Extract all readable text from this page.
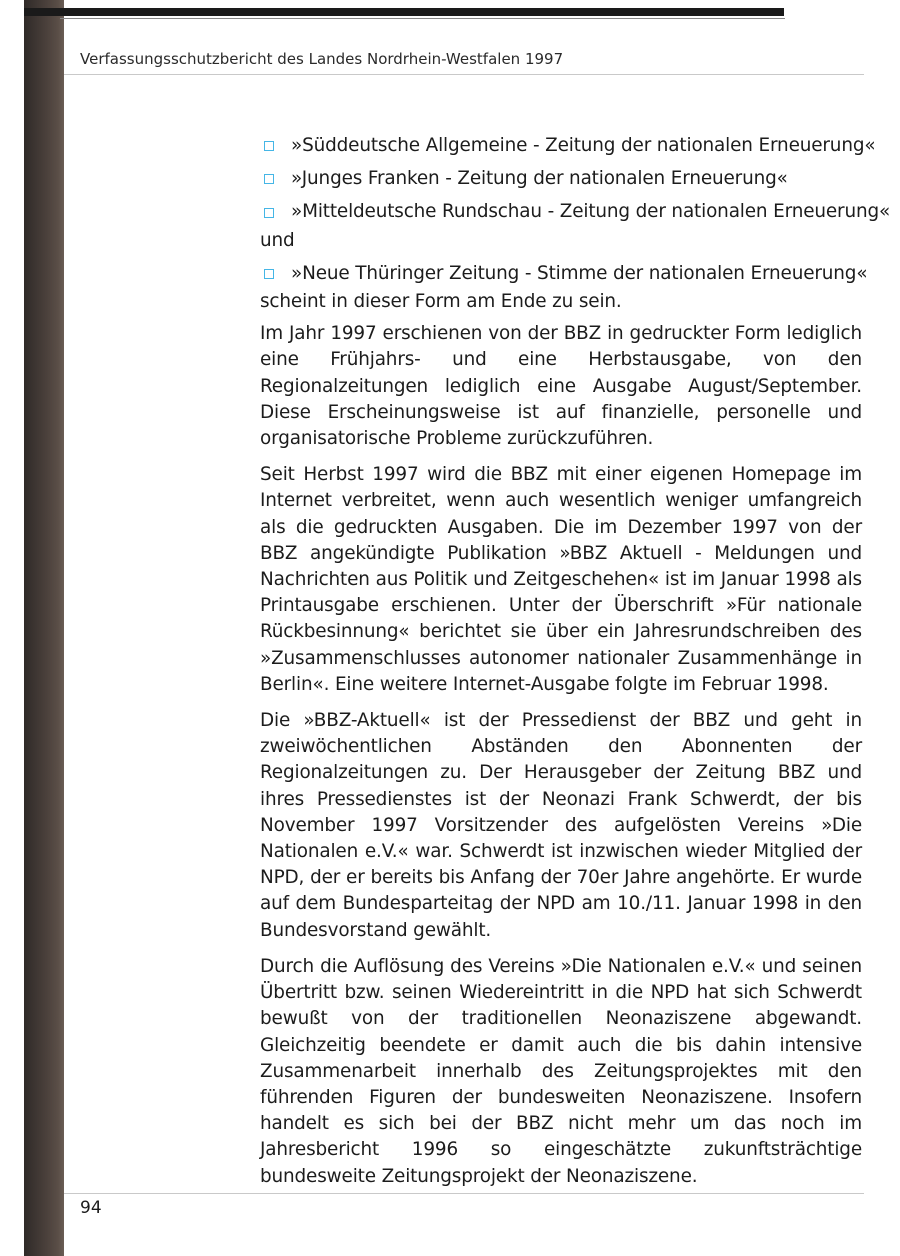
Verfassungsschutzbericht des Landes Nordrhein-Westfalen 1997
»Süddeutsche Allgemeine - Zeitung der nationalen Erneuerung«
»Junges Franken - Zeitung der nationalen Erneuerung«
»Mitteldeutsche Rundschau - Zeitung der nationalen Erneuerung«
und
»Neue Thüringer Zeitung - Stimme der nationalen Erneuerung«
scheint in dieser Form am Ende zu sein.

Im Jahr 1997 erschienen von der BBZ in gedruckter Form lediglich eine Frühjahrs- und eine Herbstausgabe, von den Regionalzeitungen lediglich eine Ausgabe August/September. Diese Erscheinungsweise ist auf finanzielle, personelle und organisatorische Probleme zurückzuführen.

Seit Herbst 1997 wird die BBZ mit einer eigenen Homepage im Internet verbreitet, wenn auch wesentlich weniger umfangreich als die gedruckten Ausgaben. Die im Dezember 1997 von der BBZ angekündigte Publikation »BBZ Aktuell - Meldungen und Nachrichten aus Politik und Zeitgeschehen« ist im Januar 1998 als Printausgabe erschienen. Unter der Überschrift »Für nationale Rückbesinnung« berichtet sie über ein Jahresrundschreiben des »Zusammenschlusses autonomer nationaler Zusammenhänge in Berlin«. Eine weitere Internet-Ausgabe folgte im Februar 1998.

Die »BBZ-Aktuell« ist der Pressedienst der BBZ und geht in zweiwöchentlichen Abständen den Abonnenten der Regionalzeitungen zu. Der Herausgeber der Zeitung BBZ und ihres Pressedienstes ist der Neonazi Frank Schwerdt, der bis November 1997 Vorsitzender des aufgelösten Vereins »Die Nationalen e.V.« war. Schwerdt ist inzwischen wieder Mitglied der NPD, der er bereits bis Anfang der 70er Jahre angehörte. Er wurde auf dem Bundesparteitag der NPD am 10./11. Januar 1998 in den Bundesvorstand gewählt.

Durch die Auflösung des Vereins »Die Nationalen e.V.« und seinen Übertritt bzw. seinen Wiedereintritt in die NPD hat sich Schwerdt bewußt von der traditionellen Neonaziszene abgewandt. Gleichzeitig beendete er damit auch die bis dahin intensive Zusammenarbeit innerhalb des Zeitungsprojektes mit den führenden Figuren der bundesweiten Neonaziszene. Insofern handelt es sich bei der BBZ nicht mehr um das noch im Jahresbericht 1996 so eingeschätzte zukunftsträchtige bundesweite Zeitungsprojekt der Neonaziszene.

94
